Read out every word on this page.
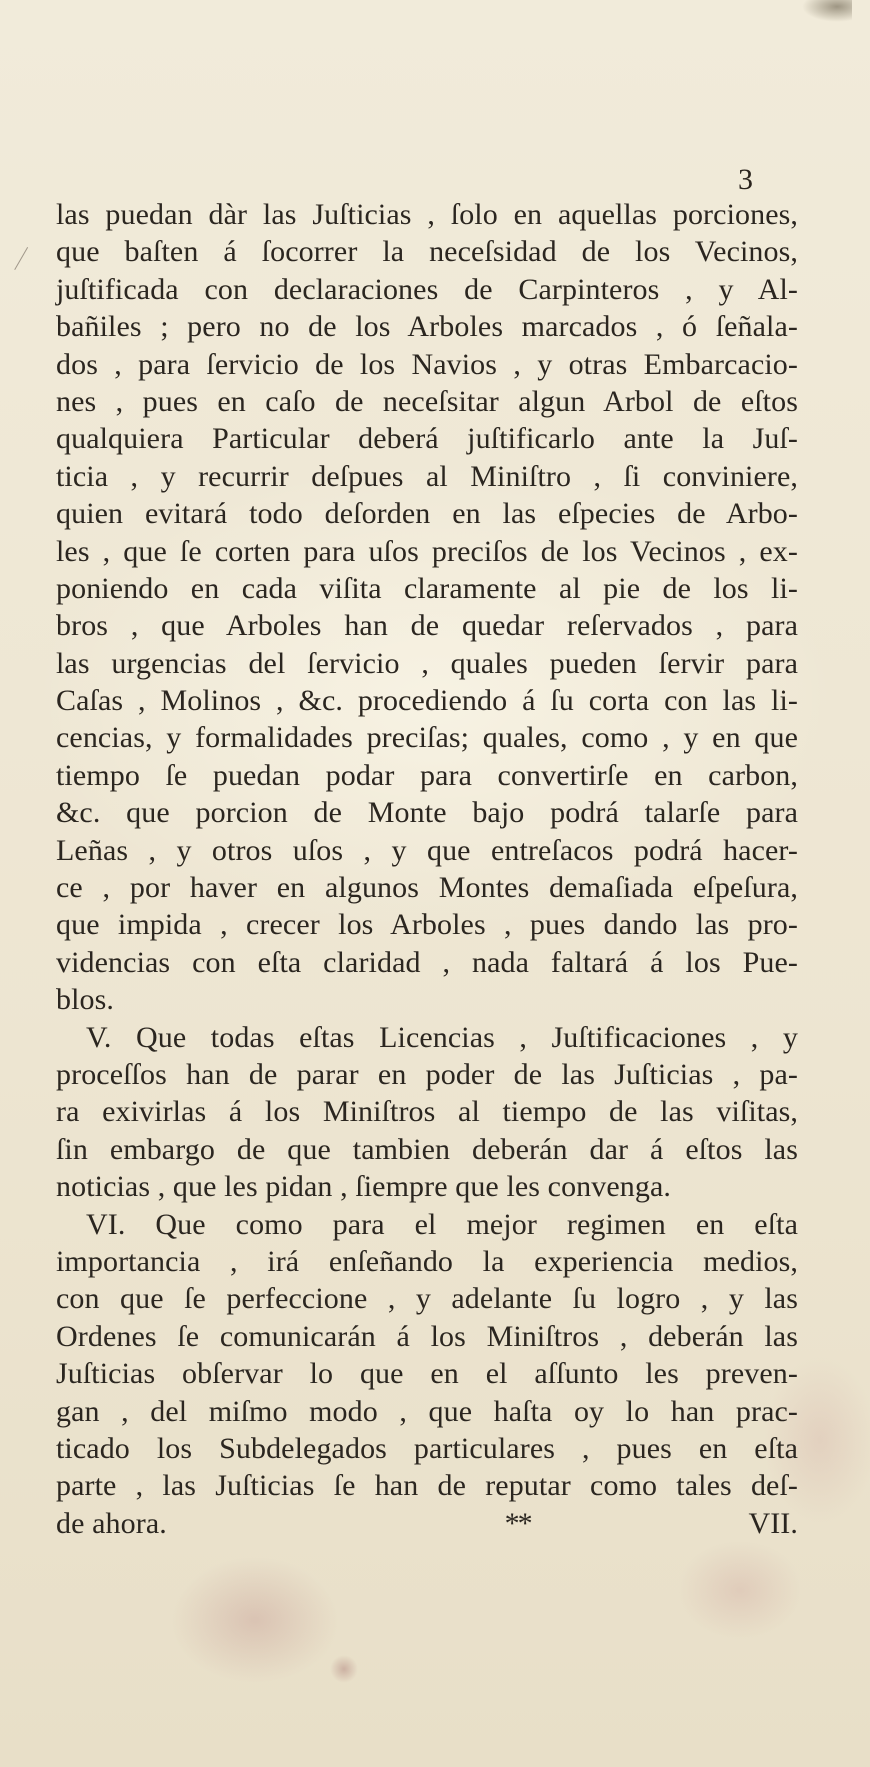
3
las puedan dàr las Juſticias , ſolo en aquellas porciones,
que baſten á ſocorrer la neceſsidad de los Vecinos,
juſtificada con declaraciones de Carpinteros , y Al-
bañiles ; pero no de los Arboles marcados , ó ſeñala-
dos , para ſervicio de los Navios , y otras Embarcacio-
nes , pues en caſo de neceſsitar algun Arbol de eſtos
qualquiera Particular deberá juſtificarlo ante la Juſ-
ticia , y recurrir deſpues al Miniſtro , ſi conviniere,
quien evitará todo deſorden en las eſpecies de Arbo-
les , que ſe corten para uſos preciſos de los Vecinos , ex-
poniendo en cada viſita claramente al pie de los li-
bros , que Arboles han de quedar reſervados , para
las urgencias del ſervicio , quales pueden ſervir para
Caſas , Molinos , &c. procediendo á ſu corta con las li-
cencias, y formalidades preciſas; quales, como , y en que
tiempo ſe puedan podar para convertirſe en carbon,
&c. que porcion de Monte bajo podrá talarſe para
Leñas , y otros uſos , y que entreſacos podrá hacer-
ce , por haver en algunos Montes demaſiada eſpeſura,
que impida , crecer los Arboles , pues dando las pro-
videncias con eſta claridad , nada faltará á los Pue-
blos.
V. Que todas eſtas Licencias , Juſtificaciones , y
proceſſos han de parar en poder de las Juſticias , pa-
ra exivirlas á los Miniſtros al tiempo de las viſitas,
ſin embargo de que tambien deberán dar á eſtos las
noticias , que les pidan , ſiempre que les convenga.
VI. Que como para el mejor regimen en eſta
importancia , irá enſeñando la experiencia medios,
con que ſe perfeccione , y adelante ſu logro , y las
Ordenes ſe comunicarán á los Miniſtros , deberán las
Juſticias obſervar lo que en el aſſunto les preven-
gan , del miſmo modo , que haſta oy lo han prac-
ticado los Subdelegados particulares , pues en eſta
parte , las Juſticias ſe han de reputar como tales deſ-
de ahora.	**	VII.
